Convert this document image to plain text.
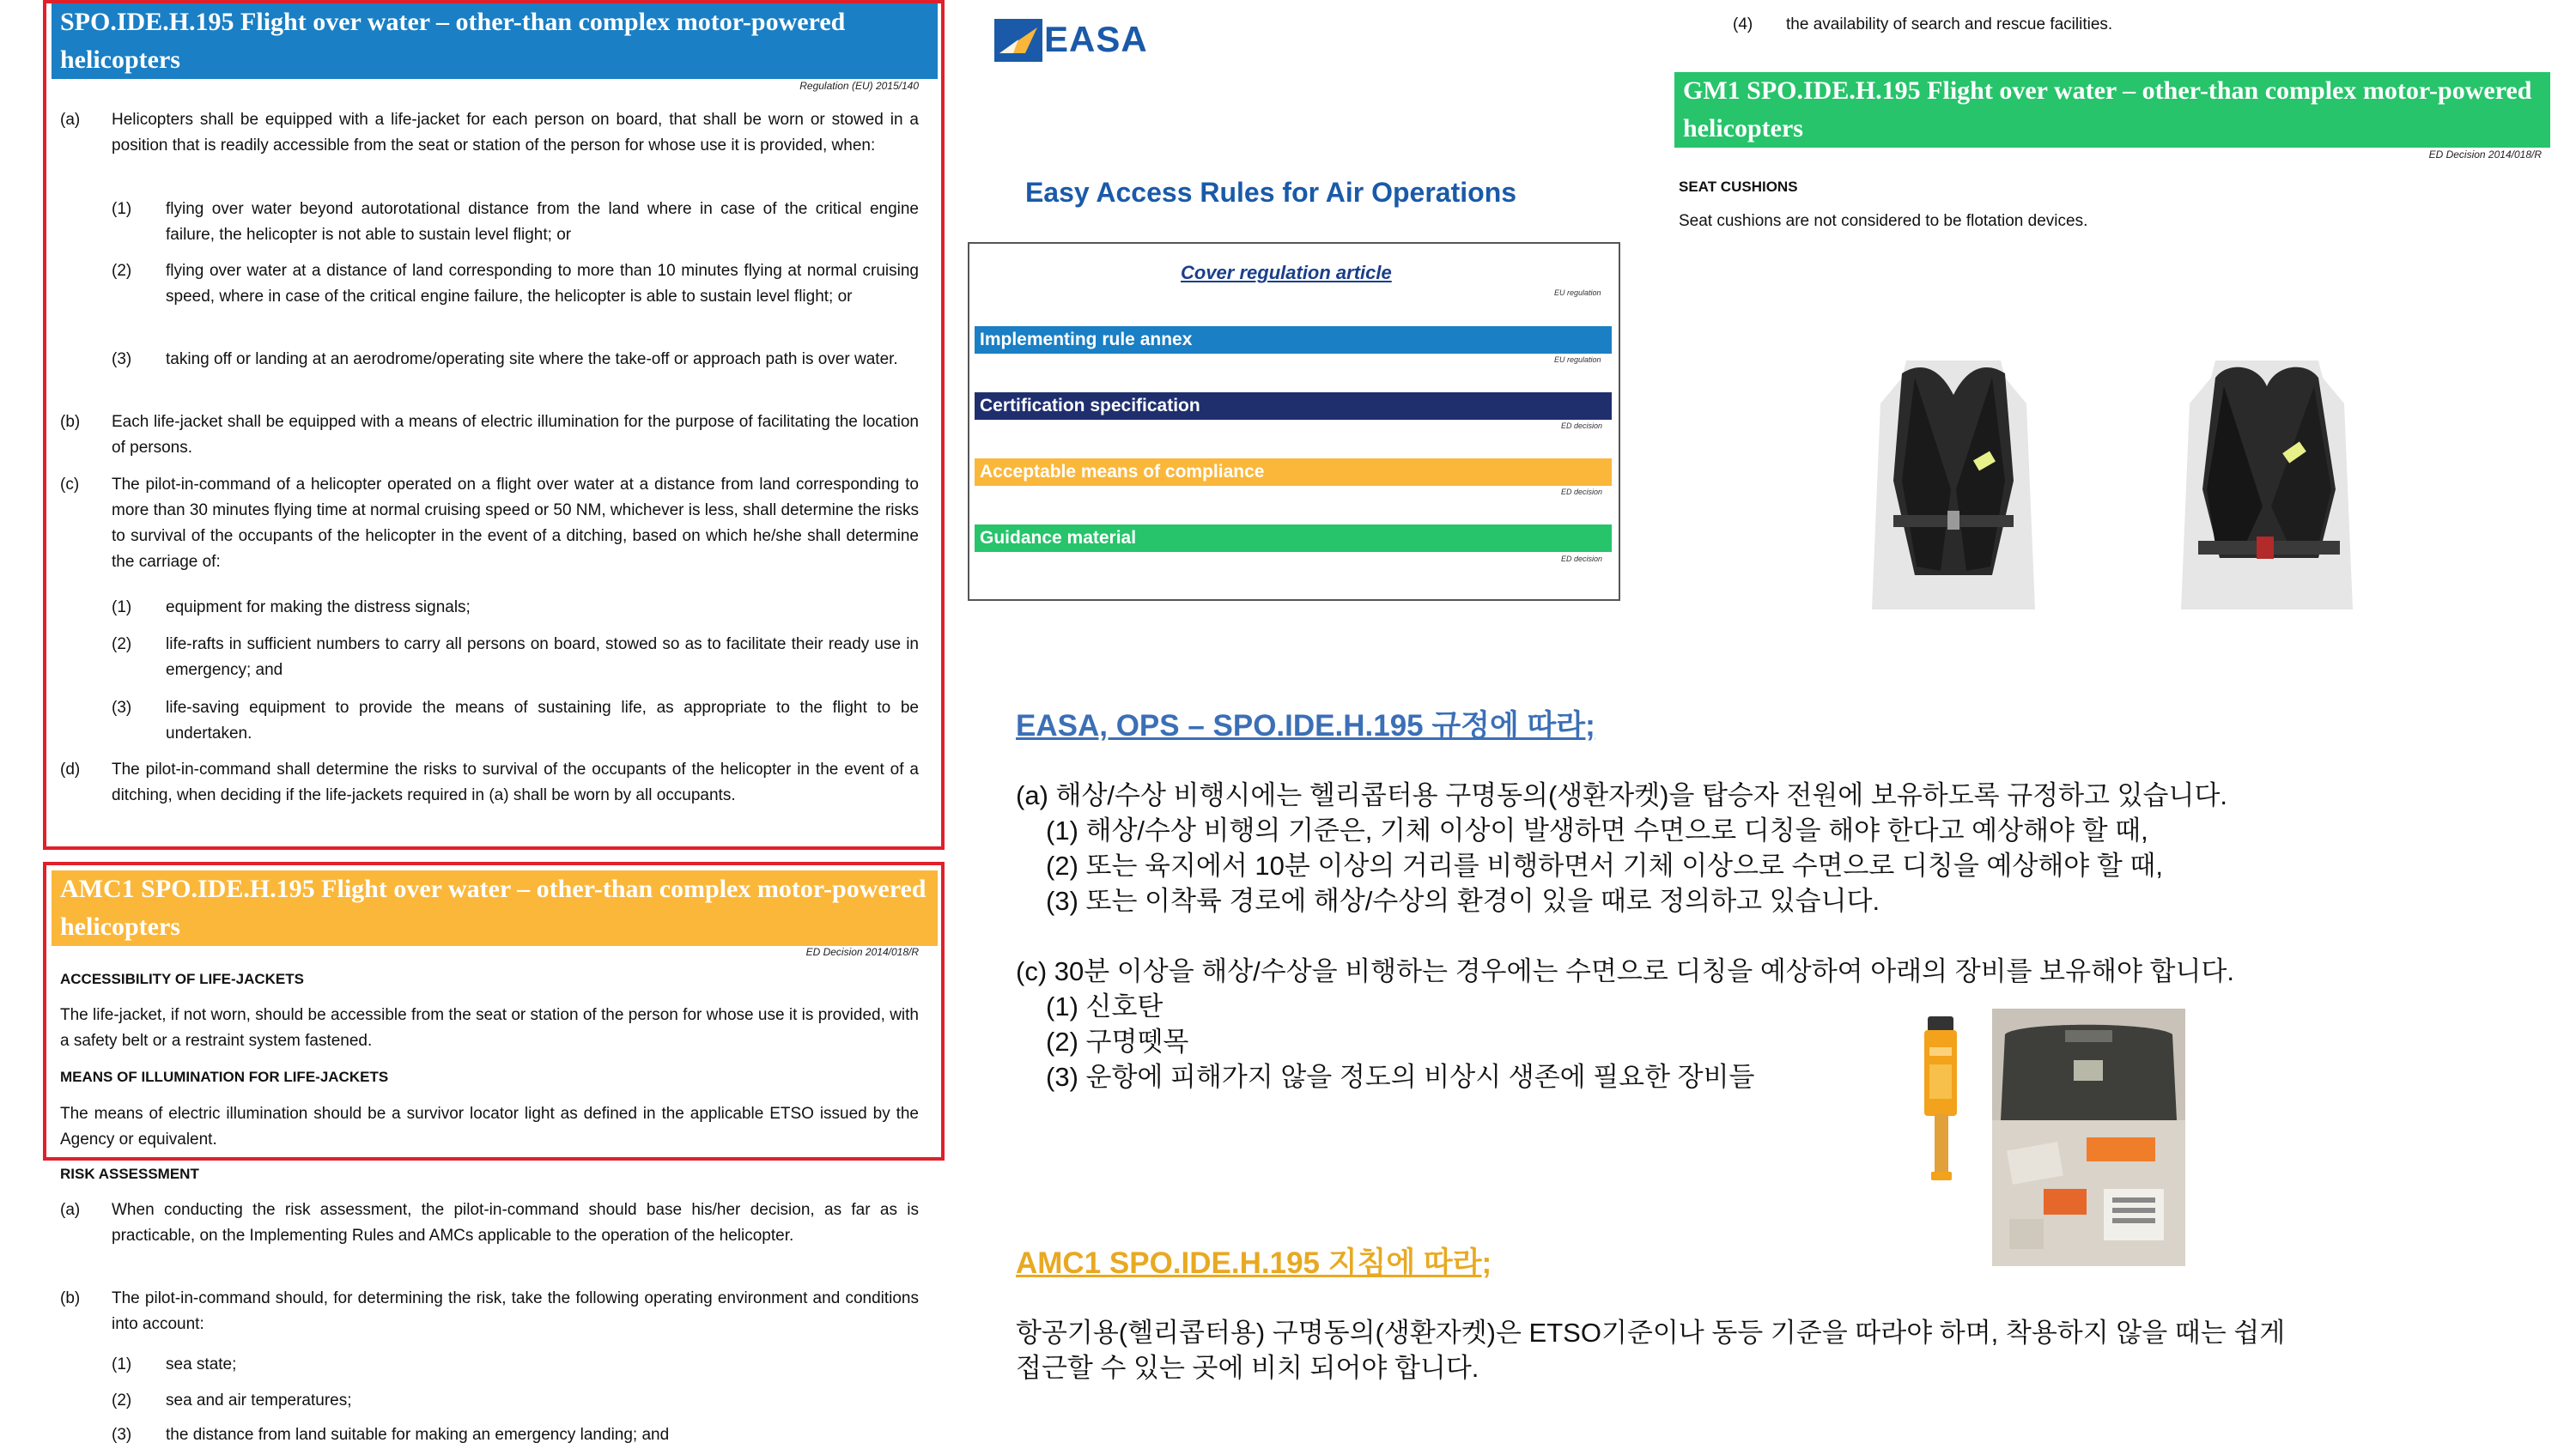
SPO.IDE.H.195 Flight over water – other-than complex motor-powered helicopters
Regulation (EU) 2015/140
(a) Helicopters shall be equipped with a life-jacket for each person on board, that shall be worn or stowed in a position that is readily accessible from the seat or station of the person for whose use it is provided, when:
(1) flying over water beyond autorotational distance from the land where in case of the critical engine failure, the helicopter is not able to sustain level flight; or
(2) flying over water at a distance of land corresponding to more than 10 minutes flying at normal cruising speed, where in case of the critical engine failure, the helicopter is able to sustain level flight; or
(3) taking off or landing at an aerodrome/operating site where the take-off or approach path is over water.
(b) Each life-jacket shall be equipped with a means of electric illumination for the purpose of facilitating the location of persons.
(c) The pilot-in-command of a helicopter operated on a flight over water at a distance from land corresponding to more than 30 minutes flying time at normal cruising speed or 50 NM, whichever is less, shall determine the risks to survival of the occupants of the helicopter in the event of a ditching, based on which he/she shall determine the carriage of:
(1) equipment for making the distress signals;
(2) life-rafts in sufficient numbers to carry all persons on board, stowed so as to facilitate their ready use in emergency; and
(3) life-saving equipment to provide the means of sustaining life, as appropriate to the flight to be undertaken.
(d) The pilot-in-command shall determine the risks to survival of the occupants of the helicopter in the event of a ditching, when deciding if the life-jackets required in (a) shall be worn by all occupants.
AMC1 SPO.IDE.H.195 Flight over water – other-than complex motor-powered helicopters
ED Decision 2014/018/R
ACCESSIBILITY OF LIFE-JACKETS
The life-jacket, if not worn, should be accessible from the seat or station of the person for whose use it is provided, with a safety belt or a restraint system fastened.
MEANS OF ILLUMINATION FOR LIFE-JACKETS
The means of electric illumination should be a survivor locator light as defined in the applicable ETSO issued by the Agency or equivalent.
RISK ASSESSMENT
(a) When conducting the risk assessment, the pilot-in-command should base his/her decision, as far as is practicable, on the Implementing Rules and AMCs applicable to the operation of the helicopter.
(b) The pilot-in-command should, for determining the risk, take the following operating environment and conditions into account:
(1) sea state;
(2) sea and air temperatures;
(3) the distance from land suitable for making an emergency landing; and
EASA
Easy Access Rules for Air Operations
Cover regulation article
EU regulation
Implementing rule annex
EU regulation
Certification specification
ED decision
Acceptable means of compliance
ED decision
Guidance material
ED decision
(4) the availability of search and rescue facilities.
GM1 SPO.IDE.H.195 Flight over water – other-than complex motor-powered helicopters
ED Decision 2014/018/R
SEAT CUSHIONS
Seat cushions are not considered to be flotation devices.
EASA, OPS – SPO.IDE.H.195 규정에 따라;
(a) 해상/수상 비행시에는 헬리콥터용 구명동의(생환자켓)을 탑승자 전원에 보유하도록 규정하고 있습니다.
(1) 해상/수상 비행의 기준은, 기체 이상이 발생하면 수면으로 디칭을 해야 한다고 예상해야 할 때,
(2) 또는 육지에서 10분 이상의 거리를 비행하면서 기체 이상으로 수면으로 디칭을 예상해야 할 때,
(3) 또는 이착륙 경로에 해상/수상의 환경이 있을 때로 정의하고 있습니다.
(c) 30분 이상을 해상/수상을 비행하는 경우에는 수면으로 디칭을 예상하여 아래의 장비를 보유해야 합니다.
(1) 신호탄
(2) 구명뗏목
(3) 운항에 피해가지 않을 정도의 비상시 생존에 필요한 장비들
AMC1 SPO.IDE.H.195 지침에 따라;
항공기용(헬리콥터용) 구명동의(생환자켓)은 ETSO기준이나 동등 기준을 따라야 하며, 착용하지 않을 때는 쉽게
접근할 수 있는 곳에 비치 되어야 합니다.
